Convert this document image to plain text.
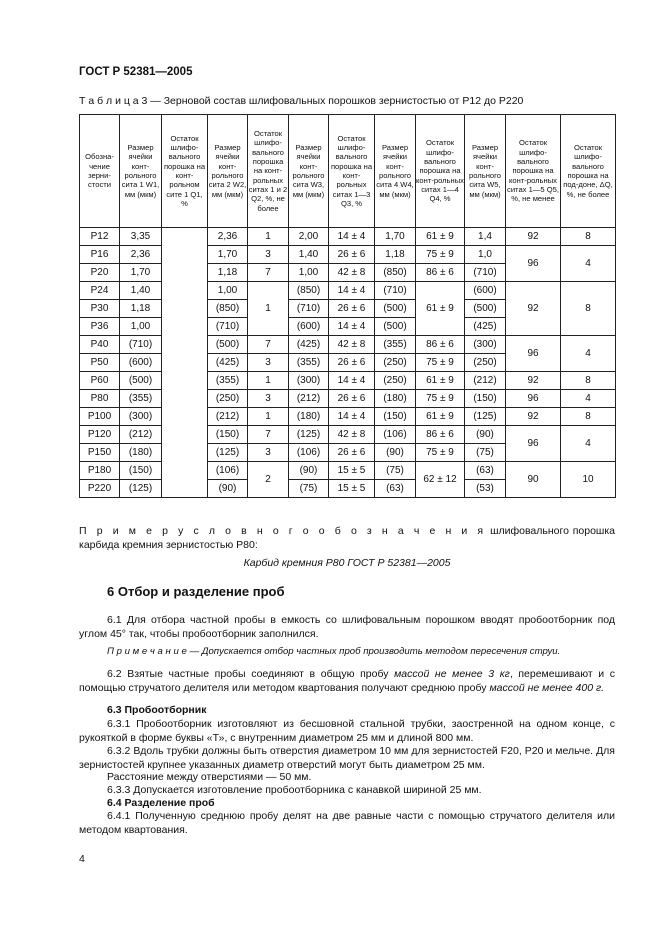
ГОСТ Р 52381—2005
Т а б л и ц а 3 — Зерновой состав шлифовальных порошков зернистостью от Р12 до Р220
Обозна-чение зерни-стости	Размер ячейки конт-рольного сита 1 W1, мм (мкм)	Остаток шлифо-вального порошка на конт-рольном сите 1 Q1, %	Размер ячейки конт-рольного сита 2 W2, мм (мкм)	Остаток шлифо-вального порошка на конт-рольных ситах 1 и 2 Q2, %, не более	Размер ячейки конт-рольного сита W3, мм (мкм)	Остаток шлифо-вального порошка на конт-рольных ситах 1—3 Q3, %	Размер ячейки конт-рольного сита 4 W4, мм (мкм)	Остаток шлифо-вального порошка на конт-рольных ситах 1—4 Q4, %	Размер ячейки конт-рольного сита W5, мм (мкм)	Остаток шлифо-вального порошка на конт-рольных ситах 1—5 Q5, %, не менее	Остаток шлифо-вального порошка на под-доне, ΔQ, %, не более
P12	3,35		2,36	1	2,00	14 ± 4	1,70	61 ± 9	1,4	92	8
P16	2,36		1,70	3	1,40	26 ± 6	1,18	75 ± 9	1,0	96	4
P20	1,70		1,18	7	1,00	42 ± 8	(850)	86 ± 6	(710)		
P24	1,40		1,00	1	(850)	14 ± 4	(710)	61 ± 9	(600)	92	8
P30	1,18		(850)		(710)	26 ± 6	(500)		(500)		
P36	1,00		(710)		(600)	14 ± 4	(500)		(425)		
P40	(710)		(500)	7	(425)	42 ± 8	(355)	86 ± 6	(300)	96	4
P50	(600)		(425)	3	(355)	26 ± 6	(250)	75 ± 9	(250)		
P60	(500)		(355)	1	(300)	14 ± 4	(250)	61 ± 9	(212)	92	8
P80	(355)		(250)	3	(212)	26 ± 6	(180)	75 ± 9	(150)	96	4
P100	(300)		(212)	1	(180)	14 ± 4	(150)	61 ± 9	(125)	92	8
P120	(212)		(150)	7	(125)	42 ± 8	(106)	86 ± 6	(90)	96	4
P150	(180)		(125)	3	(106)	26 ± 6	(90)	75 ± 9	(75)		
P180	(150)		(106)	2	(90)	15 ± 5	(75)	62 ± 12	(63)	90	10
P220	(125)		(90)		(75)	15 ± 5	(63)		(53)		
П р и м е р у с л о в н о г о о б о з н а ч е н и я шлифовального порошка карбида кремния зернистостью P80:
Карбид кремния P80 ГОСТ Р 52381—2005
6 Отбор и разделение проб
6.1 Для отбора частной пробы в емкость со шлифовальным порошком вводят пробоотборник под углом 45° так, чтобы пробоотборник заполнился.
П р и м е ч а н и е — Допускается отбор частных проб производить методом пересечения струи.
6.2 Взятые частные пробы соединяют в общую пробу массой не менее 3 кг, перемешивают и с помощью стручатого делителя или методом квартования получают среднюю пробу массой не менее 400 г.
6.3 Пробоотборник
6.3.1 Пробоотборник изготовляют из бесшовной стальной трубки, заостренной на одном конце, с рукояткой в форме буквы «Т», с внутренним диаметром 25 мм и длиной 800 мм.
6.3.2 Вдоль трубки должны быть отверстия диаметром 10 мм для зернистостей F20, P20 и мельче. Для зернистостей крупнее указанных диаметр отверстий могут быть диаметром 25 мм.
Расстояние между отверстиями — 50 мм.
6.3.3 Допускается изготовление пробоотборника с канавкой шириной 25 мм.
6.4 Разделение проб
6.4.1 Полученную среднюю пробу делят на две равные части с помощью стручатого делителя или методом квартования.
4
